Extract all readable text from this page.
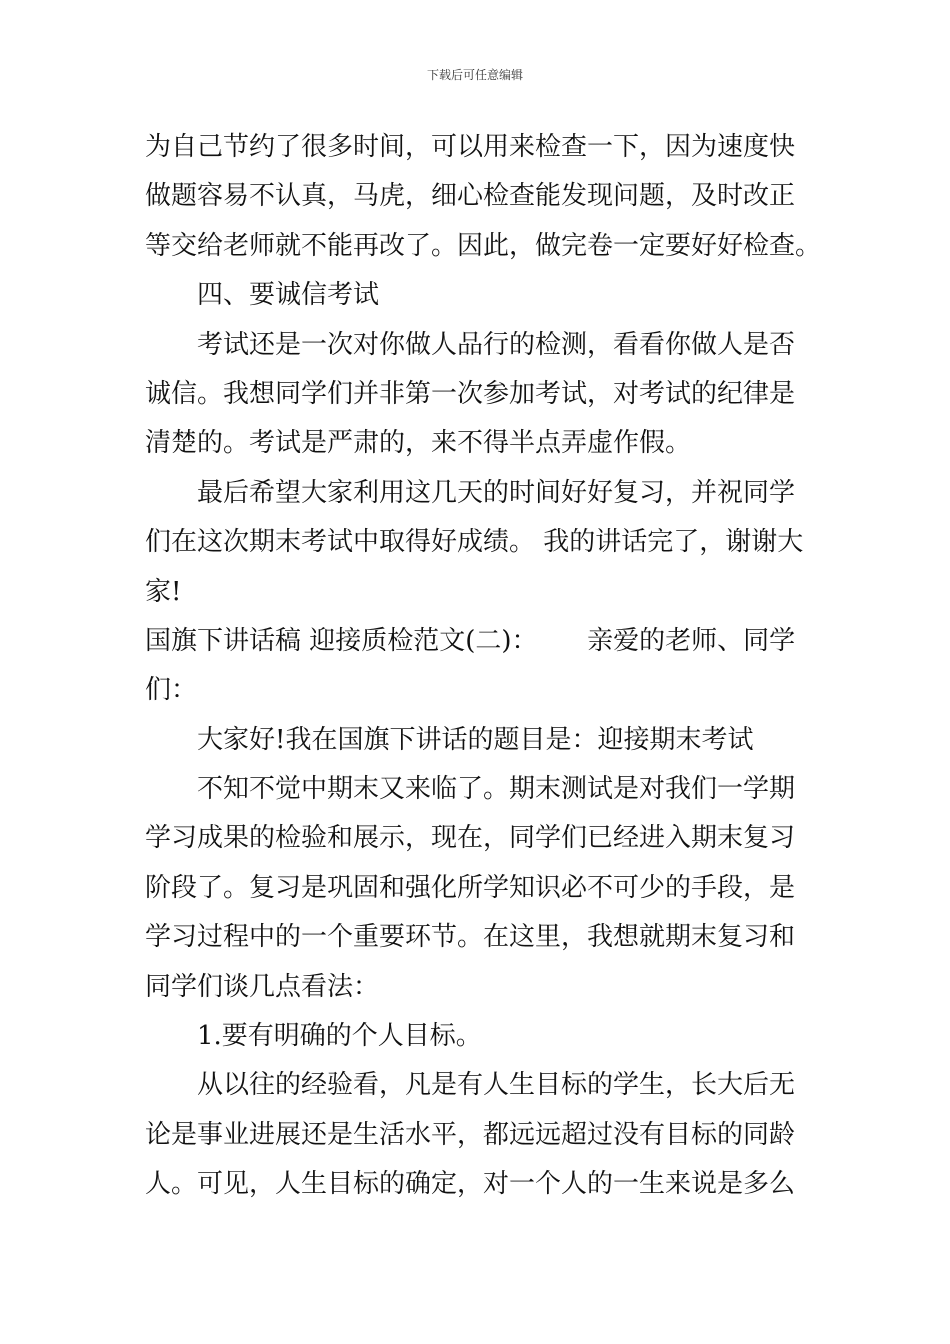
下载后可任意编辑
为自己节约了很多时间，可以用来检查一下，因为速度快
做题容易不认真，马虎，细心检查能发现问题，及时改正
等交给老师就不能再改了。因此，做完卷一定要好好检查。
四、要诚信考试
考试还是一次对你做人品行的检测，看看你做人是否
诚信。我想同学们并非第一次参加考试，对考试的纪律是
清楚的。考试是严肃的，来不得半点弄虚作假。
最后希望大家利用这几天的时间好好复习，并祝同学
们在这次期末考试中取得好成绩。 我的讲话完了，谢谢大
家!
国旗下讲话稿 迎接质检范文(二)：      亲爱的老师、同学
们：
大家好!我在国旗下讲话的题目是：迎接期末考试
不知不觉中期末又来临了。期末测试是对我们一学期
学习成果的检验和展示，现在，同学们已经进入期末复习
阶段了。复习是巩固和强化所学知识必不可少的手段，是
学习过程中的一个重要环节。在这里，我想就期末复习和
同学们谈几点看法：
1.要有明确的个人目标。
从以往的经验看，凡是有人生目标的学生，长大后无
论是事业进展还是生活水平，都远远超过没有目标的同龄
人。可见，人生目标的确定，对一个人的一生来说是多么
